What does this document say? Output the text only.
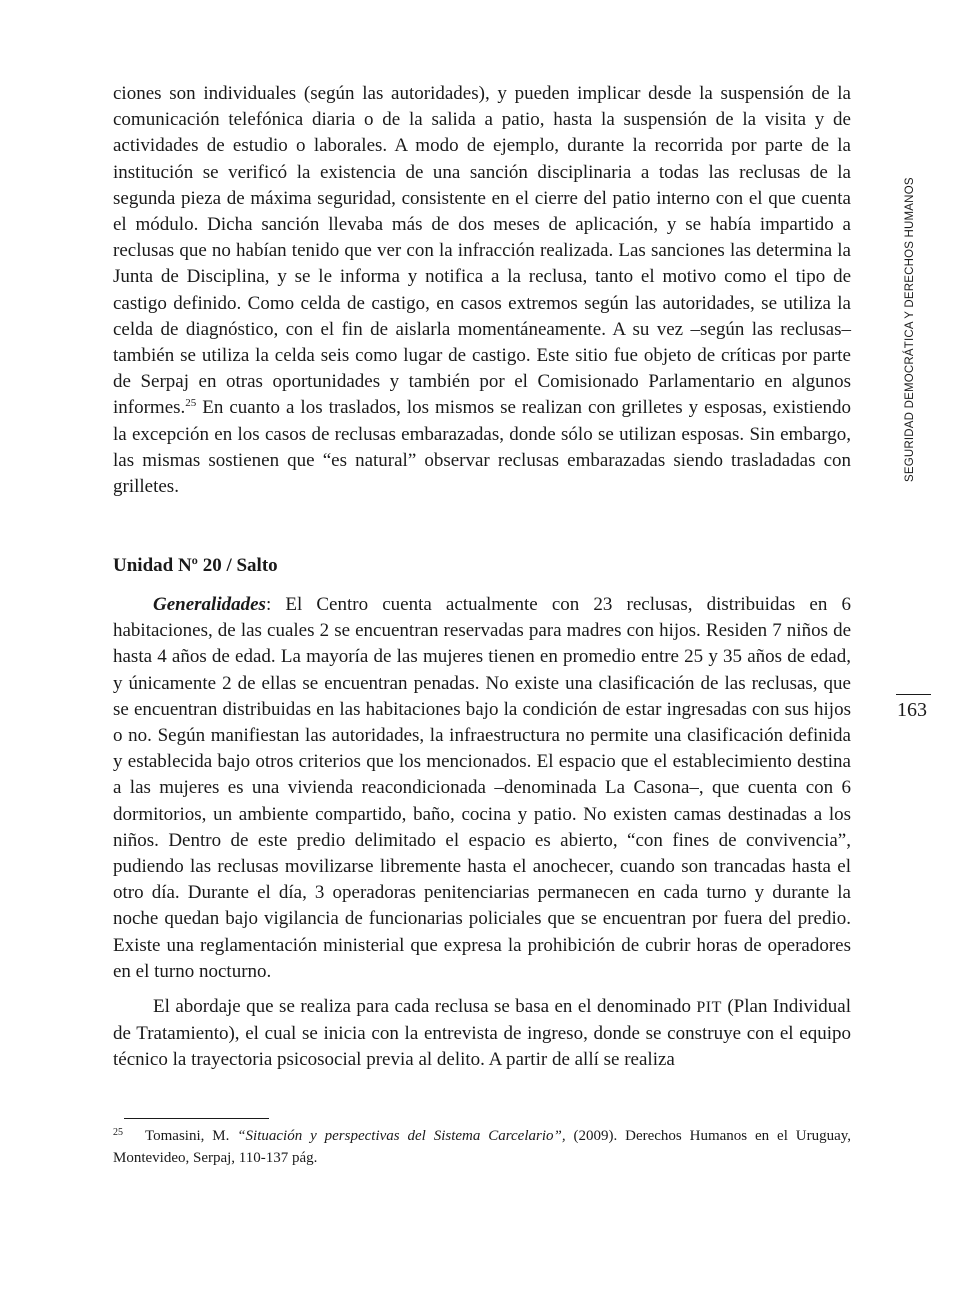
ciones son individuales (según las autoridades), y pueden implicar desde la suspensión de la comunicación telefónica diaria o de la salida a patio, hasta la suspensión de la visita y de actividades de estudio o laborales. A modo de ejemplo, durante la recorrida por parte de la institución se verificó la existencia de una sanción disciplinaria a todas las reclusas de la segunda pieza de máxima seguridad, consistente en el cierre del patio interno con el que cuenta el módulo. Dicha sanción llevaba más de dos meses de aplicación, y se había impartido a reclusas que no habían tenido que ver con la infracción realizada. Las sanciones las determina la Junta de Disciplina, y se le informa y notifica a la reclusa, tanto el motivo como el tipo de castigo definido. Como celda de castigo, en casos extremos según las autoridades, se utiliza la celda de diagnóstico, con el fin de aislarla momentáneamente. A su vez –según las reclusas– también se utiliza la celda seis como lugar de castigo. Este sitio fue objeto de críticas por parte de Serpaj en otras oportunidades y también por el Comisionado Parlamentario en algunos informes.$^{25}$ En cuanto a los traslados, los mismos se realizan con grilletes y esposas, existiendo la excepción en los casos de reclusas embarazadas, donde sólo se utilizan esposas. Sin embargo, las mismas sostienen que “es natural” observar reclusas embarazadas siendo trasladadas con grilletes.

Unidad Nº 20 / Salto

Generalidades: El Centro cuenta actualmente con 23 reclusas, distribuidas en 6 habitaciones, de las cuales 2 se encuentran reservadas para madres con hijos. Residen 7 niños de hasta 4 años de edad. La mayoría de las mujeres tienen en promedio entre 25 y 35 años de edad, y únicamente 2 de ellas se encuentran penadas. No existe una clasificación de las reclusas, que se encuentran distribuidas en las habitaciones bajo la condición de estar ingresadas con sus hijos o no. Según manifiestan las autoridades, la infraestructura no permite una clasificación definida y establecida bajo otros criterios que los mencionados. El espacio que el establecimiento destina a las mujeres es una vivienda reacondicionada –denominada La Casona–, que cuenta con 6 dormitorios, un ambiente compartido, baño, cocina y patio. No existen camas destinadas a los niños. Dentro de este predio delimitado el espacio es abierto, “con fines de convivencia”, pudiendo las reclusas movilizarse libremente hasta el anochecer, cuando son trancadas hasta el otro día. Durante el día, 3 operadoras penitenciarias permanecen en cada turno y durante la noche quedan bajo vigilancia de funcionarias policiales que se encuentran por fuera del predio. Existe una reglamentación ministerial que expresa la prohibición de cubrir horas de operadores en el turno nocturno.

El abordaje que se realiza para cada reclusa se basa en el denominado PIT (Plan Individual de Tratamiento), el cual se inicia con la entrevista de ingreso, donde se construye con el equipo técnico la trayectoria psicosocial previa al delito. A partir de allí se realiza

SEGURIDAD DEMOCRÁTICA Y DERECHOS HUMANOS
163
25 Tomasini, M. “Situación y perspectivas del Sistema Carcelario”, (2009). Derechos Humanos en el Uruguay, Montevideo, Serpaj, 110-137 pág.
